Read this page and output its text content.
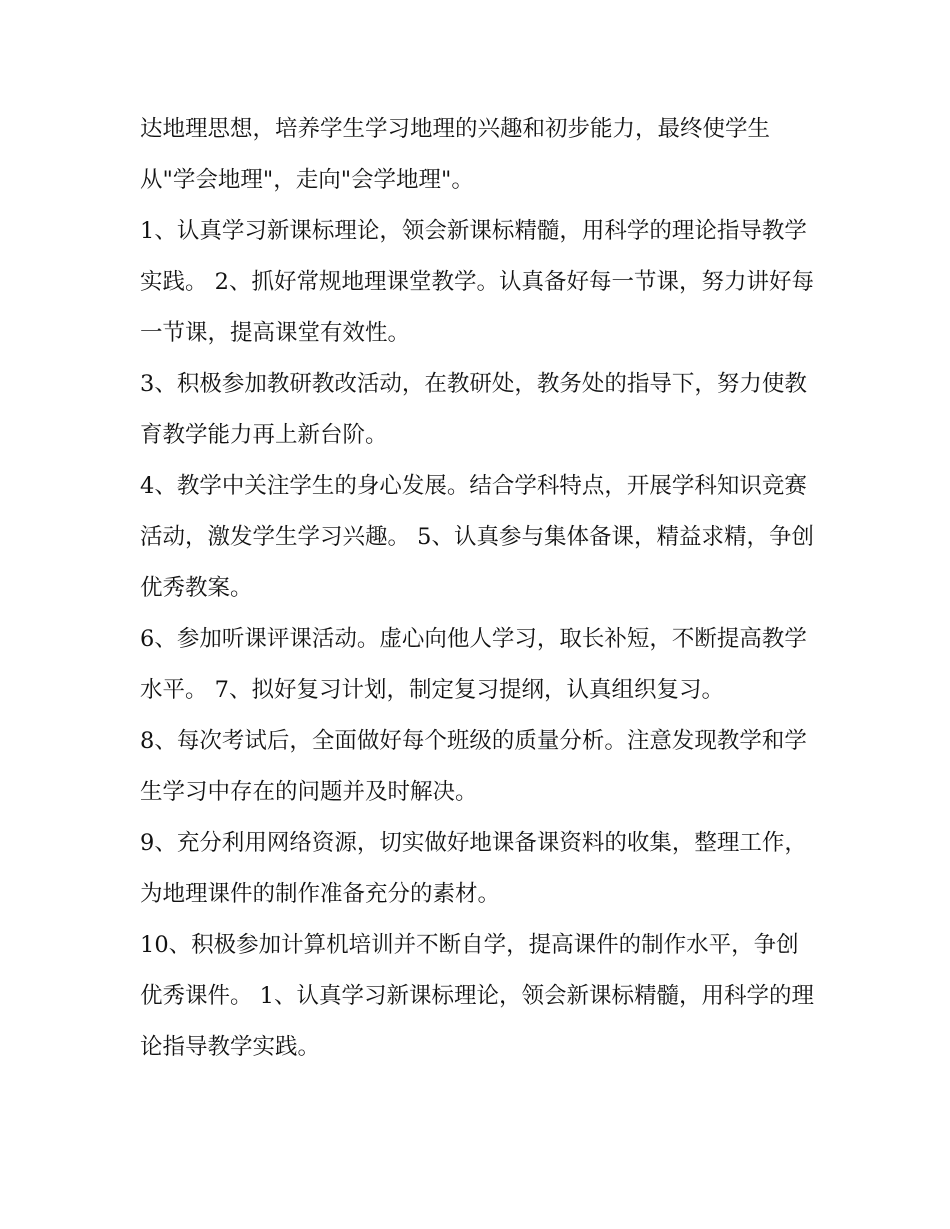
达地理思想，培养学生学习地理的兴趣和初步能力，最终使学生从"学会地理"，走向"会学地理"。

1、认真学习新课标理论，领会新课标精髓，用科学的理论指导教学实践。 2、抓好常规地理课堂教学。认真备好每一节课，努力讲好每一节课，提高课堂有效性。

3、积极参加教研教改活动，在教研处，教务处的指导下，努力使教育教学能力再上新台阶。

4、教学中关注学生的身心发展。结合学科特点，开展学科知识竞赛活动，激发学生学习兴趣。 5、认真参与集体备课，精益求精，争创优秀教案。

6、参加听课评课活动。虚心向他人学习，取长补短，不断提高教学水平。 7、拟好复习计划，制定复习提纲，认真组织复习。

8、每次考试后，全面做好每个班级的质量分析。注意发现教学和学生学习中存在的问题并及时解决。

9、充分利用网络资源，切实做好地课备课资料的收集，整理工作，为地理课件的制作准备充分的素材。

10、积极参加计算机培训并不断自学，提高课件的制作水平，争创优秀课件。 1、认真学习新课标理论，领会新课标精髓，用科学的理论指导教学实践。
